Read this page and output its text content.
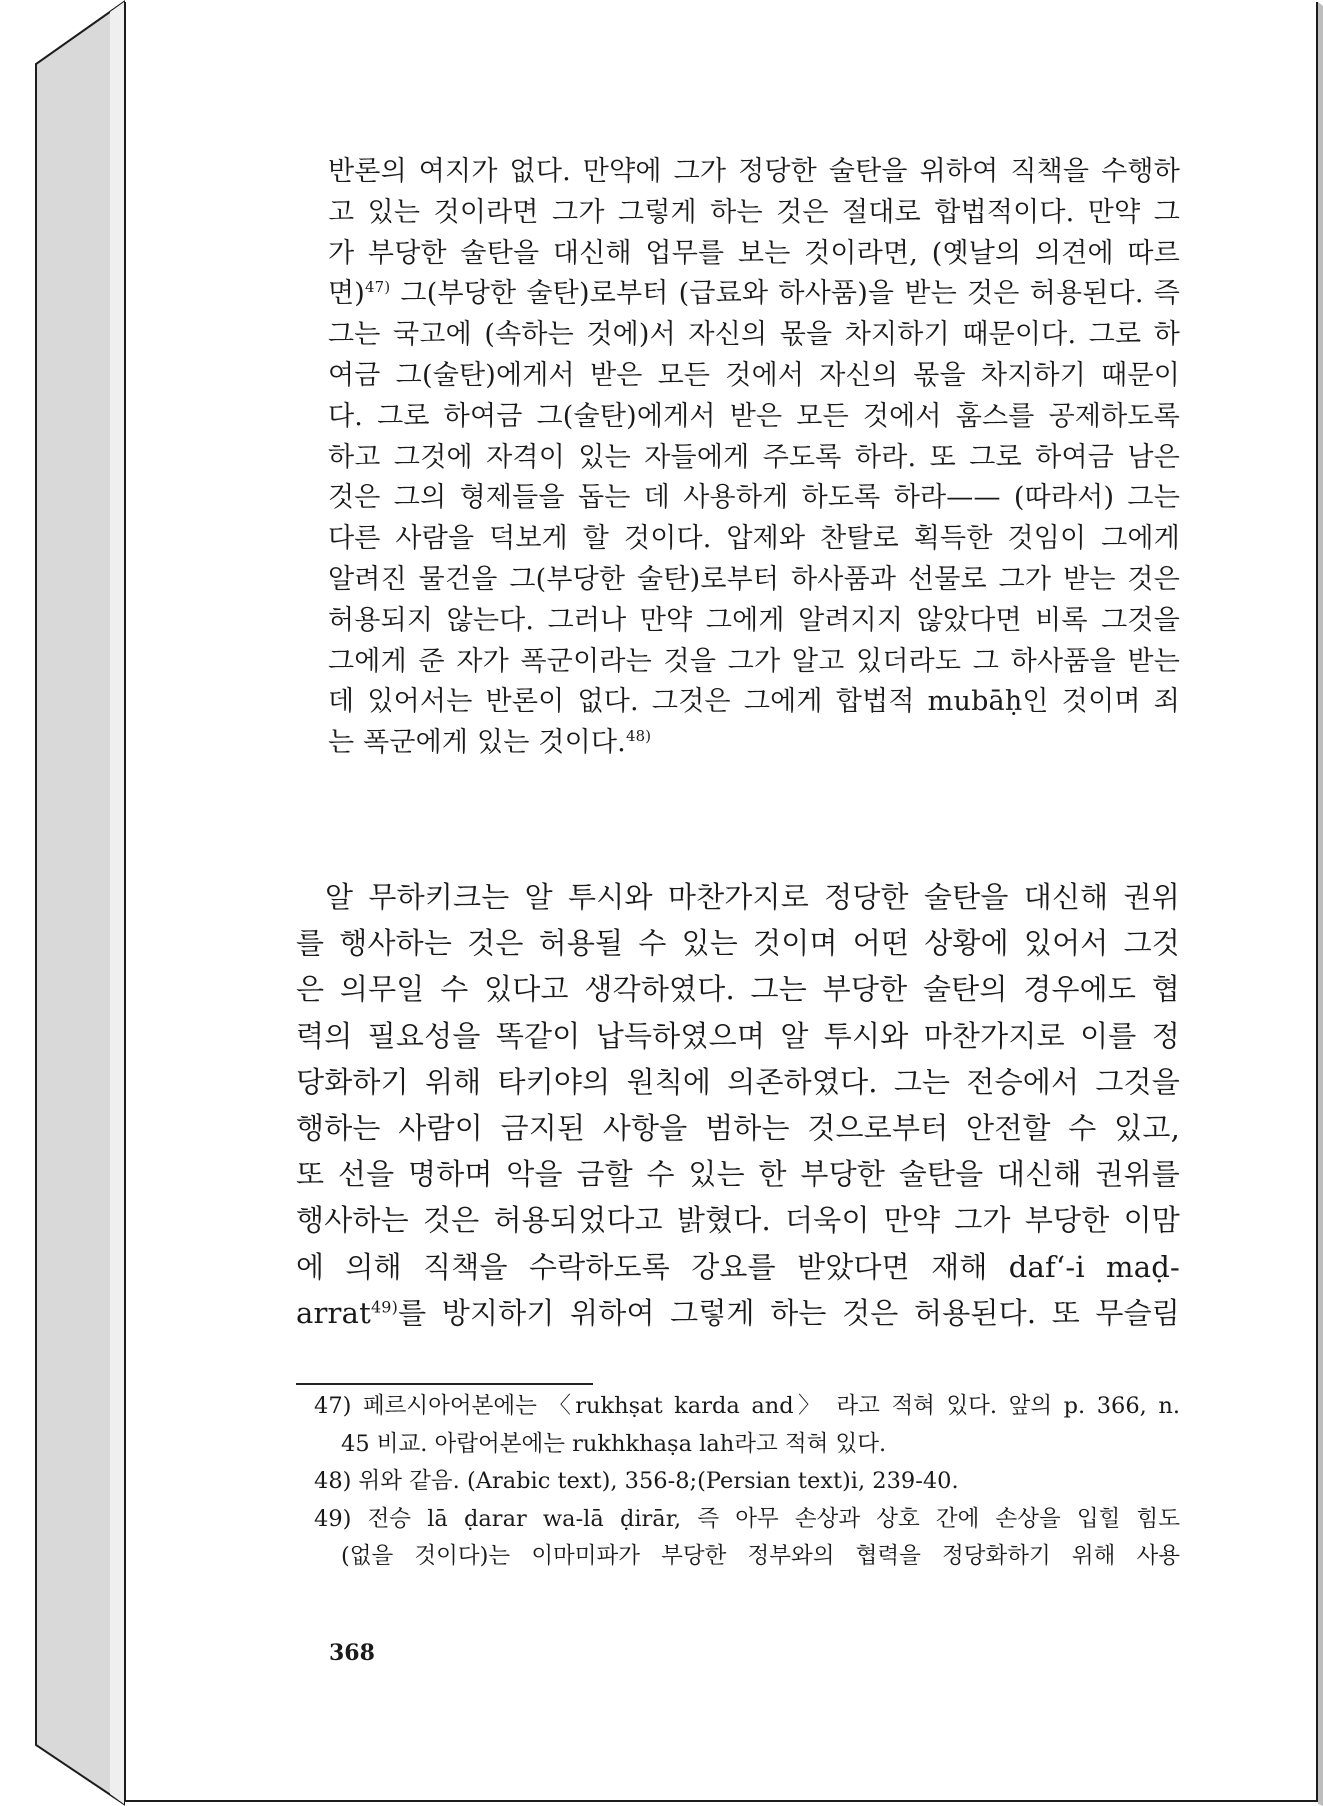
반론의 여지가 없다. 만약에 그가 정당한 술탄을 위하여 직책을 수행하

고 있는 것이라면 그가 그렇게 하는 것은 절대로 합법적이다. 만약 그

가 부당한 술탄을 대신해 업무를 보는 것이라면, (옛날의 의견에 따르

면)$^{47)}$ 그(부당한 술탄)로부터 (급료와 하사품)을 받는 것은 허용된다. 즉

그는 국고에 (속하는 것에)서 자신의 몫을 차지하기 때문이다. 그로 하

여금 그(술탄)에게서 받은 모든 것에서 자신의 몫을 차지하기 때문이

다. 그로 하여금 그(술탄)에게서 받은 모든 것에서 훔스를 공제하도록

하고 그것에 자격이 있는 자들에게 주도록 하라. 또 그로 하여금 남은

것은 그의 형제들을 돕는 데 사용하게 하도록 하라—— (따라서) 그는

다른 사람을 덕보게 할 것이다. 압제와 찬탈로 획득한 것임이 그에게

알려진 물건을 그(부당한 술탄)로부터 하사품과 선물로 그가 받는 것은

허용되지 않는다. 그러나 만약 그에게 알려지지 않았다면 비록 그것을

그에게 준 자가 폭군이라는 것을 그가 알고 있더라도 그 하사품을 받는

데 있어서는 반론이 없다. 그것은 그에게 합법적 mubāḥ인 것이며 죄

는 폭군에게 있는 것이다.$^{48)}$

알 무하키크는 알 투시와 마찬가지로 정당한 술탄을 대신해 권위

를 행사하는 것은 허용될 수 있는 것이며 어떤 상황에 있어서 그것

은 의무일 수 있다고 생각하였다. 그는 부당한 술탄의 경우에도 협

력의 필요성을 똑같이 납득하였으며 알 투시와 마찬가지로 이를 정

당화하기 위해 타키야의 원칙에 의존하였다. 그는 전승에서 그것을

행하는 사람이 금지된 사항을 범하는 것으로부터 안전할 수 있고,

또 선을 명하며 악을 금할 수 있는 한 부당한 술탄을 대신해 권위를

행사하는 것은 허용되었다고 밝혔다. 더욱이 만약 그가 부당한 이맘

에 의해 직책을 수락하도록 강요를 받았다면 재해 daf‘-i maḍ-

arrat$^{49)}$를 방지하기 위하여 그렇게 하는 것은 허용된다. 또 무슬림

47) 페르시아어본에는 〈rukhṣat karda and〉 라고 적혀 있다. 앞의 p. 366, n.
45 비교. 아랍어본에는 rukhkhaṣa lah라고 적혀 있다.

48) 위와 같음. (Arabic text), 356-8;(Persian text)i, 239-40.

49) 전승 lā ḍarar wa-lā ḍirār, 즉 아무 손상과 상호 간에 손상을 입힐 힘도
(없을 것이다)는 이마미파가 부당한 정부와의 협력을 정당화하기 위해 사용

368
